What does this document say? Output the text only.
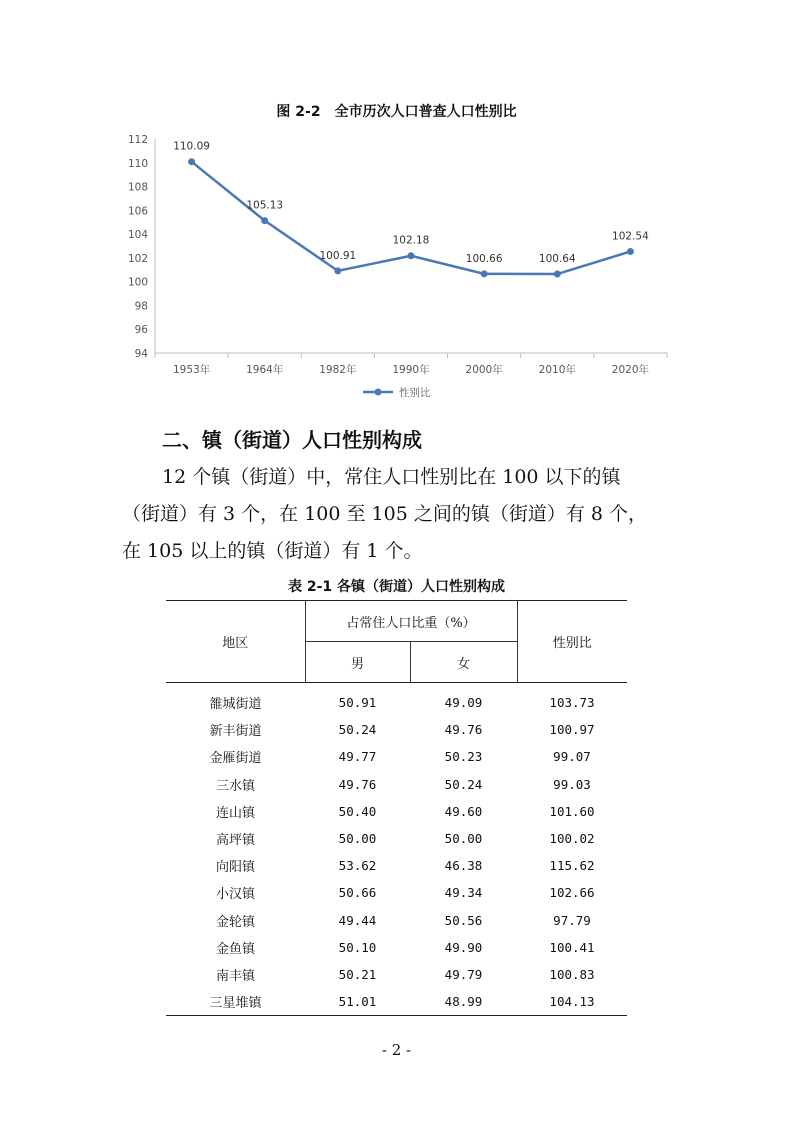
图 2-2　全市历次人口普查人口性别比
94
96
98
100
102
104
106
108
110
112
1953年	1964年	1982年	1990年	2000年	2010年	2020年
110.09
105.13
100.91
102.18
100.66	100.64
102.54
性别比
二、镇（街道）人口性别构成
12 个镇（街道）中，常住人口性别比在 100 以下的镇
（街道）有 3 个，在 100 至 105 之间的镇（街道）有 8 个，
在 105 以上的镇（街道）有 1 个。
表 2-1 各镇（街道）人口性别构成
地区	占常住人口比重（%）		性别比
	男	女	
雒城街道	50.91	49.09	103.73
新丰街道	50.24	49.76	100.97
金雁街道	49.77	50.23	99.07
三水镇	49.76	50.24	99.03
连山镇	50.40	49.60	101.60
高坪镇	50.00	50.00	100.02
向阳镇	53.62	46.38	115.62
小汉镇	50.66	49.34	102.66
金轮镇	49.44	50.56	97.79
金鱼镇	50.10	49.90	100.41
南丰镇	50.21	49.79	100.83
三星堆镇	51.01	48.99	104.13
- 2 -
